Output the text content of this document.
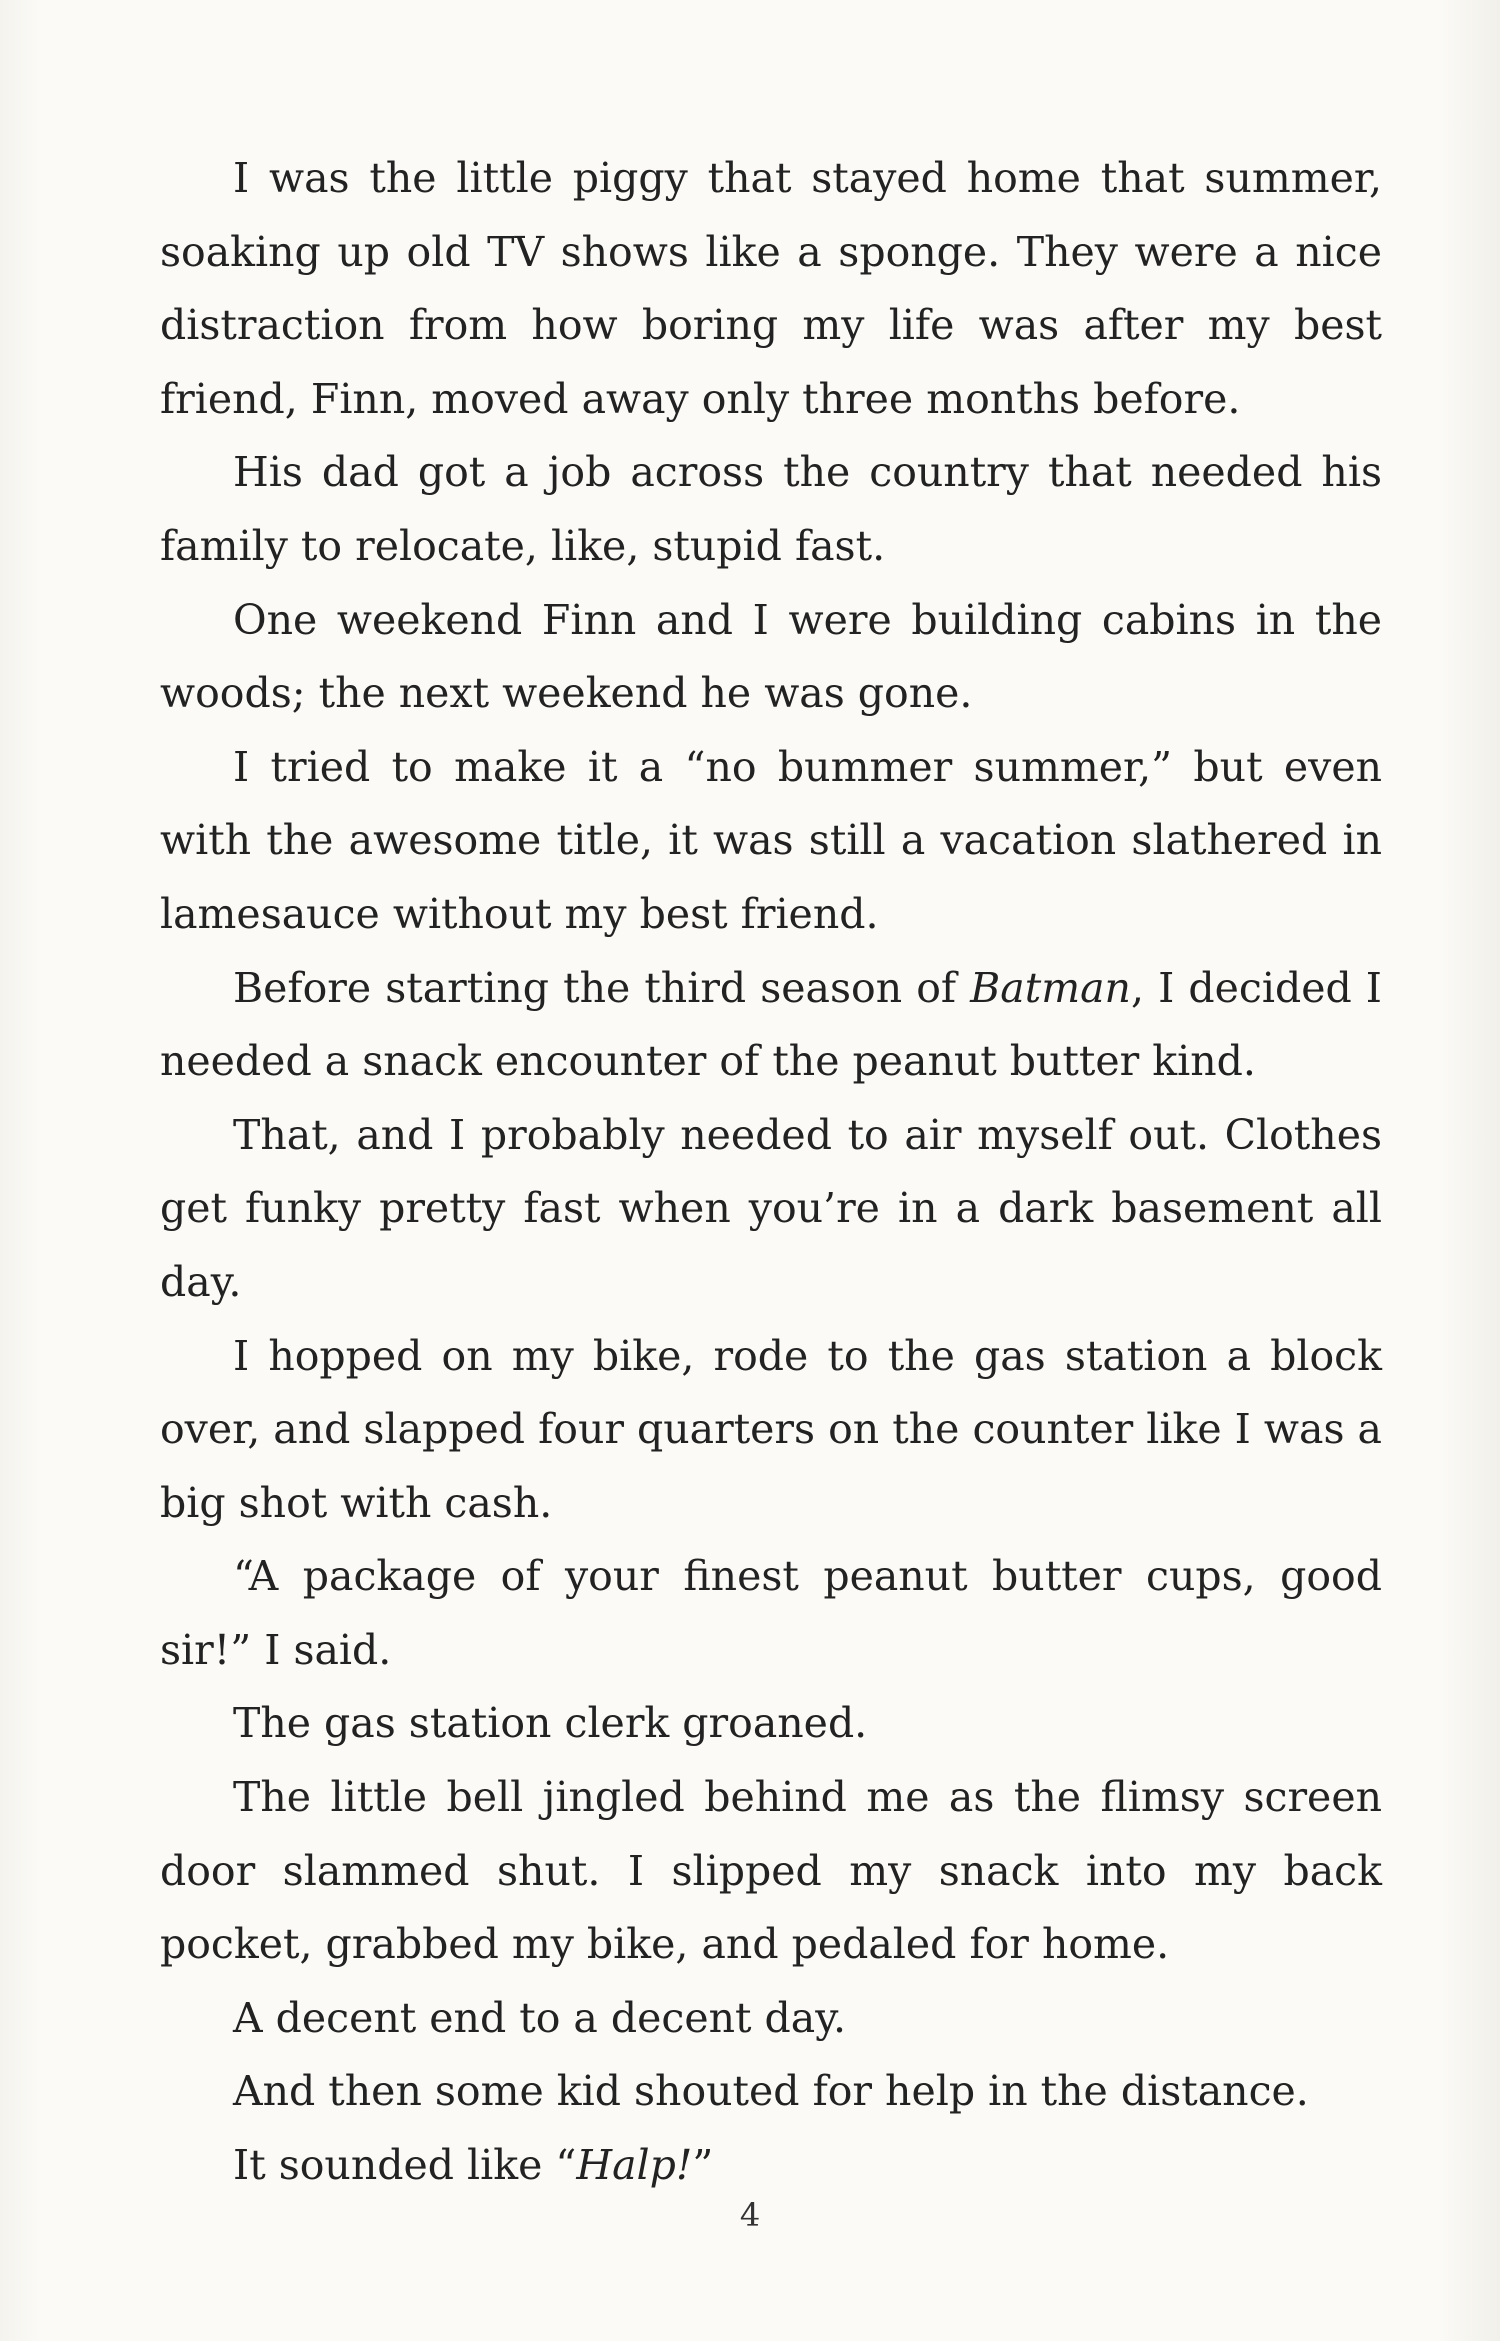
I was the little piggy that stayed home that summer, soaking up old TV shows like a sponge. They were a nice distraction from how boring my life was after my best friend, Finn, moved away only three months before.

His dad got a job across the country that needed his family to relocate, like, stupid fast.

One weekend Finn and I were building cabins in the woods; the next weekend he was gone.

I tried to make it a “no bummer summer,” but even with the awesome title, it was still a vacation slathered in lamesauce without my best friend.

Before starting the third season of Batman, I decided I needed a snack encounter of the peanut butter kind.

That, and I probably needed to air myself out. Clothes get funky pretty fast when you’re in a dark basement all day.

I hopped on my bike, rode to the gas station a block over, and slapped four quarters on the counter like I was a big shot with cash.

“A package of your finest peanut butter cups, good sir!” I said.

The gas station clerk groaned.

The little bell jingled behind me as the flimsy screen door slammed shut. I slipped my snack into my back pocket, grabbed my bike, and pedaled for home.

A decent end to a decent day.

And then some kid shouted for help in the distance.

It sounded like “Halp!”

4
